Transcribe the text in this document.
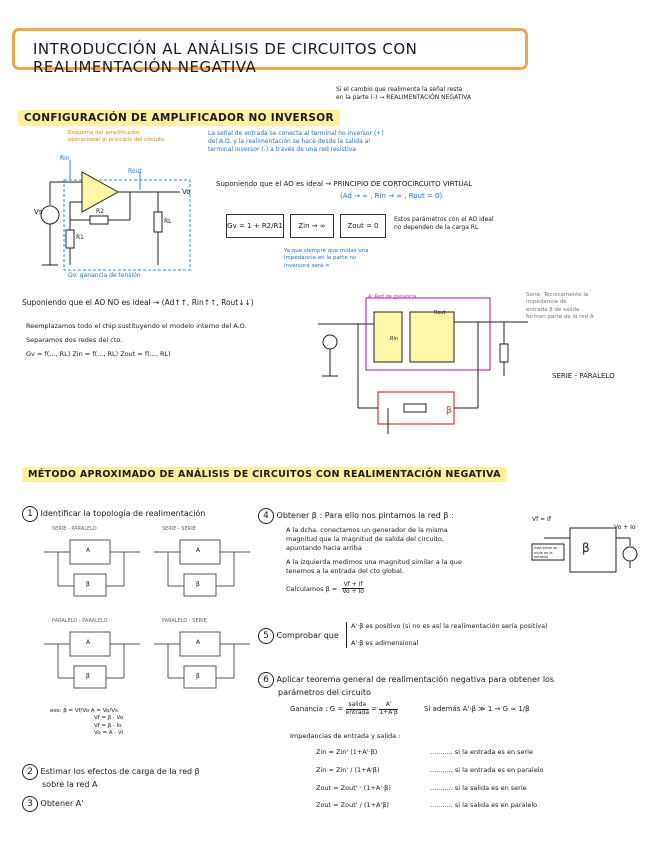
INTRODUCCIÓN AL ANÁLISIS DE CIRCUITOS CON REALIMENTACIÓN NEGATIVA
Si el cambio que realimenta la señal resta
en la parte (-) → REALIMENTACIÓN NEGATIVA
CONFIGURACIÓN DE AMPLIFICADOR NO INVERSOR
Esquema del amplificador
operacional al principio del circuito
La señal de entrada se conecta al terminal no inversor (+)
del A.O. y la realimentación se hace desde la salida al
terminal inversor (-) a través de una red resistiva
Rin
Rout
Vs
Vo
R2
R1
RL
Gv: ganancia de tensión
Suponiendo que el AO es ideal → PRINCIPIO DE CORTOCIRCUITO VIRTUAL
(Ad → ∞ , Rin → ∞ , Rout = 0)
Gv = 1 + R2/R1	Zin → ∞	Zout = 0
Estos parámetros con el AO ideal
no dependen de la carga RL
Ya que siempre que midas una
impedancia en la parte no
inversora será ∞
Suponiendo que el AO NO es ideal → (Ad↑↑, Rin↑↑, Rout↓↓)
Reemplazamos todo el chip sustituyendo el modelo interno del A.O.
Separamos dos redes del cto.
Gv = f(..., RL) Zin = f(..., RL) Zout = f(..., RL)
A: Red de ganancia
Rin
Rout
β
Serie: Técnicamente la
impedancia de
entrada β de salida
forman parte de la red A
SERIE - PARALELO
MÉTODO APROXIMADO DE ANÁLISIS DE CIRCUITOS CON REALIMENTACIÓN NEGATIVA
1 Identificar la topología de realimentación
SERIE - PARALELO	SERIE - SERIE
PARALELO - PARALELO	PARALELO - SERIE
A
β
A
β
A
β
A
β
eso: β = Vf/Vo A = Vo/Vs
Vf = β · Vo
Vf = β · Io
Vo = A · Vi
2 Estimar los efectos de carga de la red β
sobre la red A
3 Obtener A'
4 Obtener β : Para ello nos pintamos la red β :
A la dcha. conectamos un generador de la misma
magnitud que la magnitud de salida del circuito,
apuntando hacia arriba
A la izquierda medimos una magnitud similar a la que
tenemos a la entrada del cto global.
Calculamos $\beta = \frac{Vf + If}{Vo + Io}$
Vf = If
Vo + Io
β
Esta señal se mide en la entrada
5 Comprobar que
A'·β es positivo (si no es así la realimentación sería positiva)
A'·β es adimensional
6 Aplicar teorema general de realimentación negativa para obtener los
parámetros del circuito
Ganancia : G =
salida
entrada = $\frac{A'}{1+A'\beta}$	Si además A'·β ≫ 1 → G ≈ 1/β
Impedancias de entrada y salida :
Zin = Zin' (1+A'·β)	........... si la entrada es en serie
Zin = Zin' / (1+A'β)	........... si la entrada es en paralelo
Zout = Zout' · (1+A'·β)	........... si la salida es en serie
Zout = Zout' / (1+A'β)	........... si la salida es en paralelo
